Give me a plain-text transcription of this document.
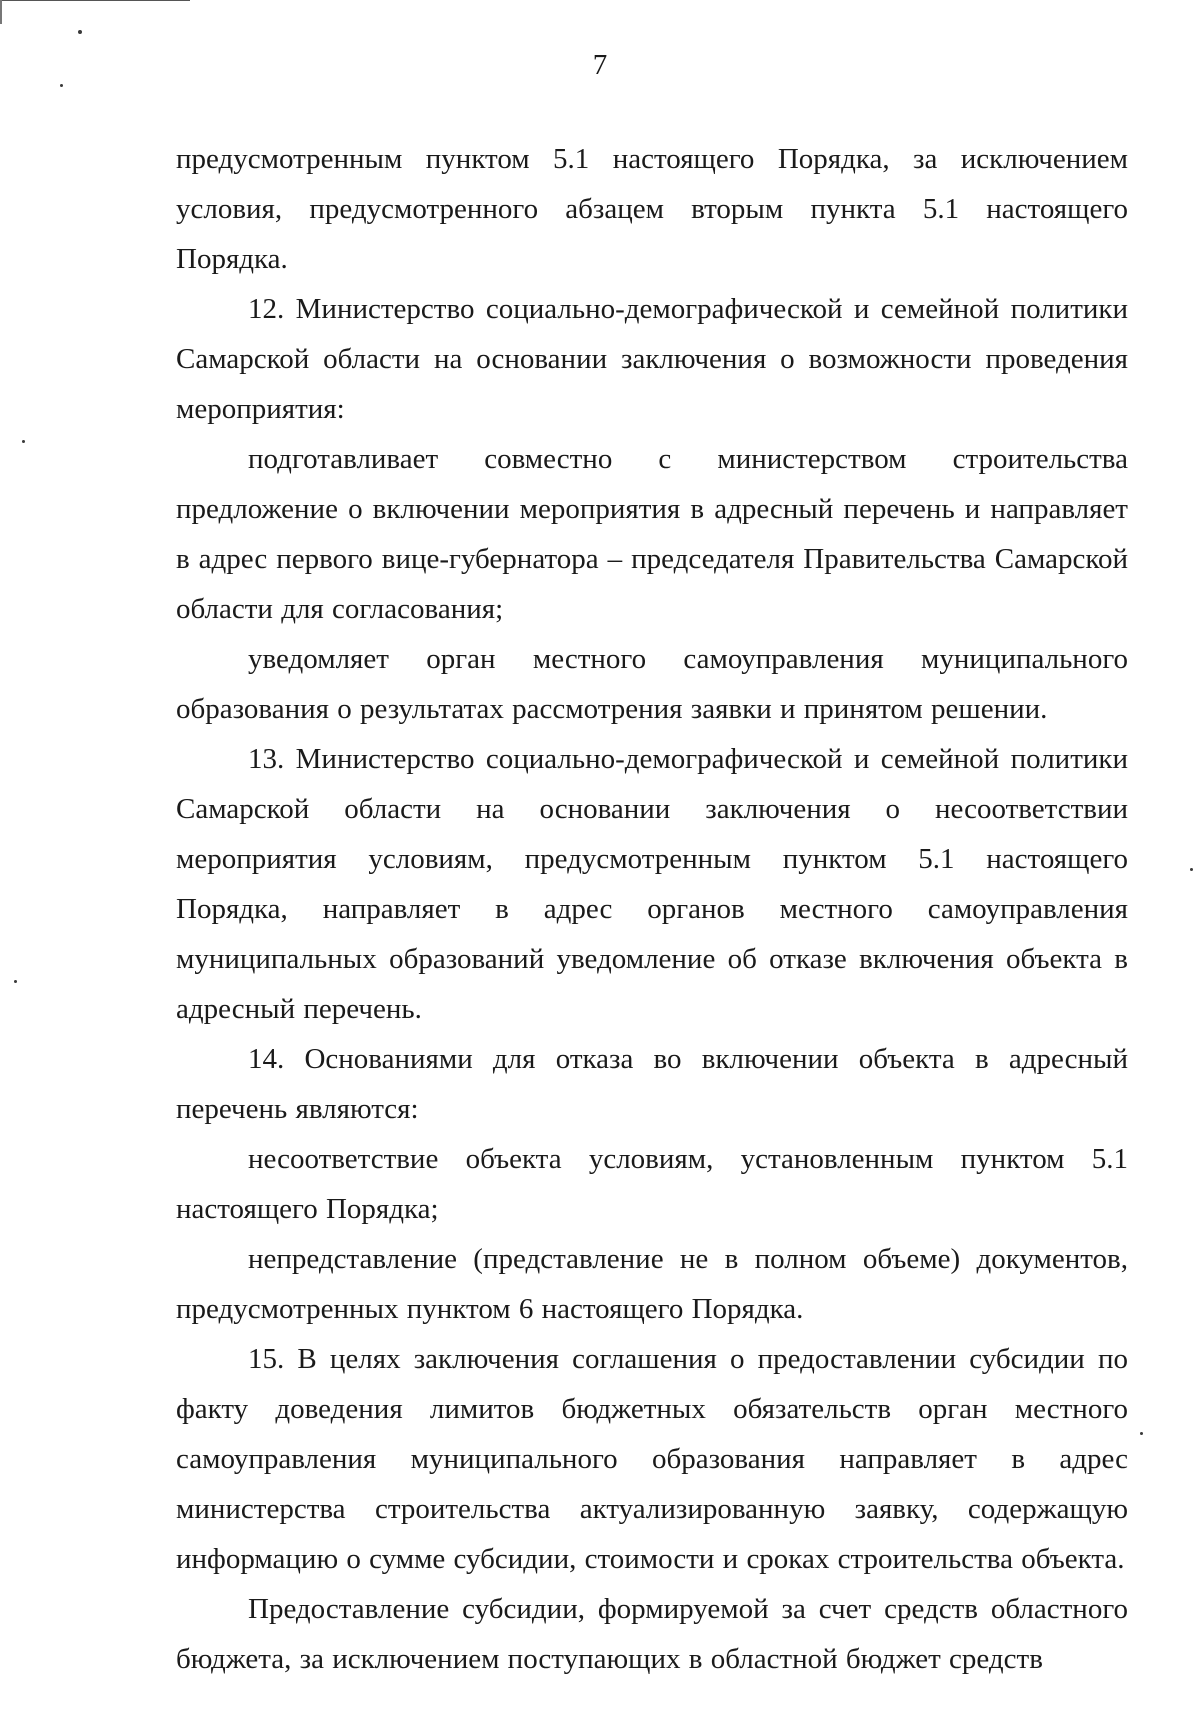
7

предусмотренным пунктом 5.1 настоящего Порядка, за исключением условия, предусмотренного абзацем вторым пункта 5.1 настоящего Порядка.

12. Министерство социально-демографической и семейной политики Самарской области на основании заключения о возможности проведения мероприятия:

подготавливает совместно с министерством строительства предложение о включении мероприятия в адресный перечень и направляет в адрес первого вице-губернатора – председателя Правительства Самарской области для согласования;

уведомляет орган местного самоуправления муниципального образования о результатах рассмотрения заявки и принятом решении.

13. Министерство социально-демографической и семейной политики Самарской области на основании заключения о несоответствии мероприятия условиям, предусмотренным пунктом 5.1 настоящего Порядка, направляет в адрес органов местного самоуправления муниципальных образований уведомление об отказе включения объекта в адресный перечень.

14. Основаниями для отказа во включении объекта в адресный перечень являются:

несоответствие объекта условиям, установленным пунктом 5.1 настоящего Порядка;

непредставление (представление не в полном объеме) документов, предусмотренных пунктом 6 настоящего Порядка.

15. В целях заключения соглашения о предоставлении субсидии по факту доведения лимитов бюджетных обязательств орган местного самоуправления муниципального образования направляет в адрес министерства строительства актуализированную заявку, содержащую информацию о сумме субсидии, стоимости и сроках строительства объекта.

Предоставление субсидии, формируемой за счет средств областного бюджета, за исключением поступающих в областной бюджет средств
